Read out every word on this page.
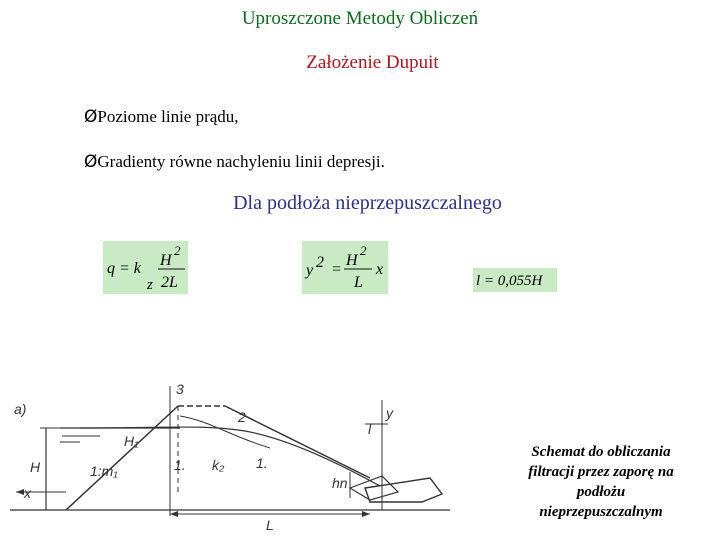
Uproszczone Metody Obliczeń
Założenie Dupuit
ØPoziome linie prądu,
ØGradienty równe nachyleniu linii depresji.
Dla podłoża nieprzepuszczalnego
q = k
z
H
2
2L
y 2 =
H
2
L
x
l = 0,055H
a)
H
x
1:m₁	1. k₂ 1.
L
3
2	y
l
hn
H₁
Schemat do obliczania
filtracji przez zaporę na
podłożu
nieprzepuszczalnym
